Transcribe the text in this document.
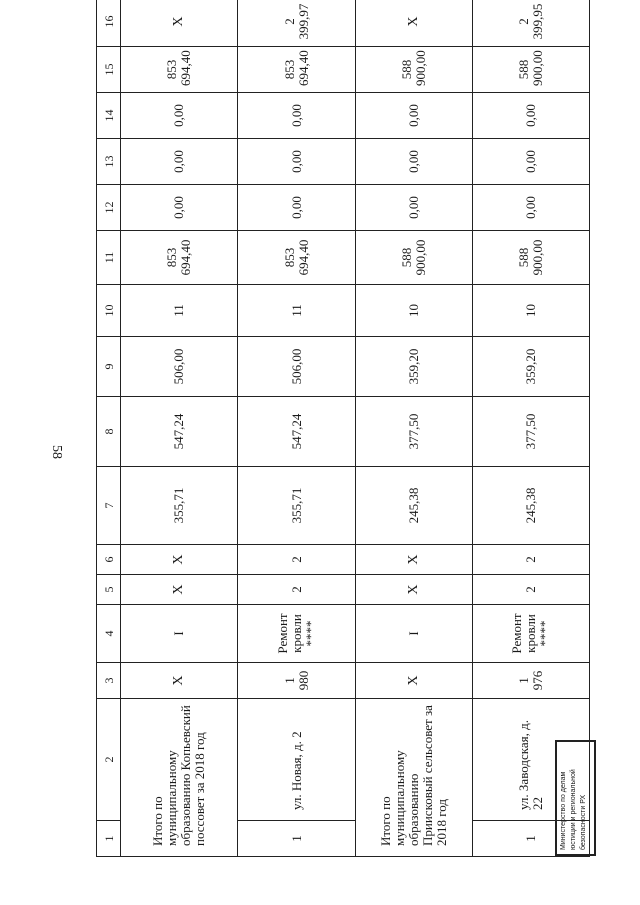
58
1	2	3	4	5	6	7	8	9	10	11	12	13	14	15	16		
Итого по муниципальному образованию Копьевский поссовет за 2018 год		X	I	X	X	355,71	547,24	506,00	11	853 694,40	0,00	0,00	0,00	853 694,40	X		
1	ул. Новая, д. 2	1 980	Ремонт кровли ****	2	2	355,71	547,24	506,00	11	853 694,40	0,00	0,00	0,00	853 694,40	2 399,97		
Итого по муниципальному образованию Приисковый сельсовет за 2018 год		X	I	X	X	245,38	377,50	359,20	10	588 900,00	0,00	0,00	0,00	588 900,00	X		
1	ул. Заводская, д. 22	1 976	Ремонт кровли ****	2	2	245,38	377,50	359,20	10	588 900,00	0,00	0,00	0,00	588 900,00	2 399,95		
Министерство по делам юстиции и региональной безопасности РХ
